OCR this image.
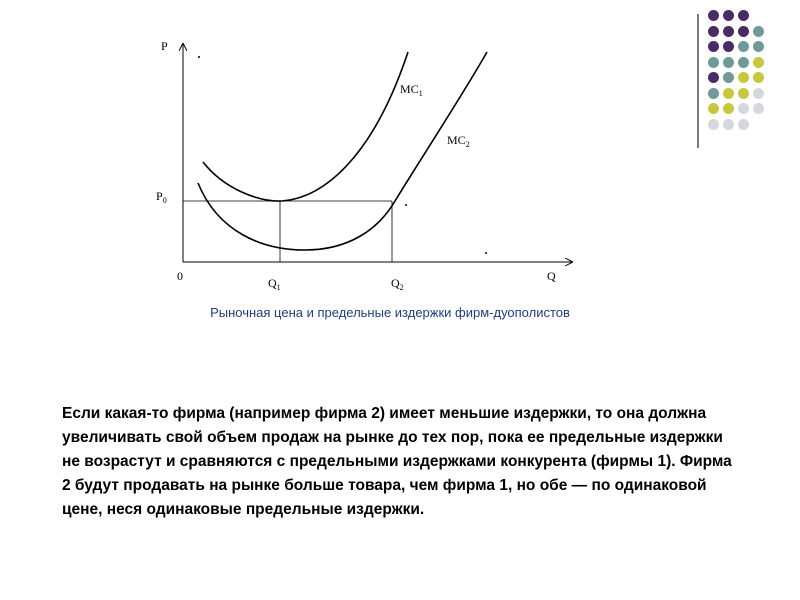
P
Q
0
$P_0$
$Q_1$	$Q_2$
$MC_1$
$MC_2$
Рыночная цена и предельные издержки фирм-дуополистов
Если какая-то фирма (например фирма 2) имеет меньшие издержки, то она должна увеличивать свой объем продаж на рынке до тех пор, пока ее предельные издержки не возрастут и сравняются с предельными издержками конкурента (фирмы 1). Фирма 2 будут продавать на рынке больше товара, чем фирма 1, но обе — по одинаковой цене, неся одинаковые предельные издержки.
